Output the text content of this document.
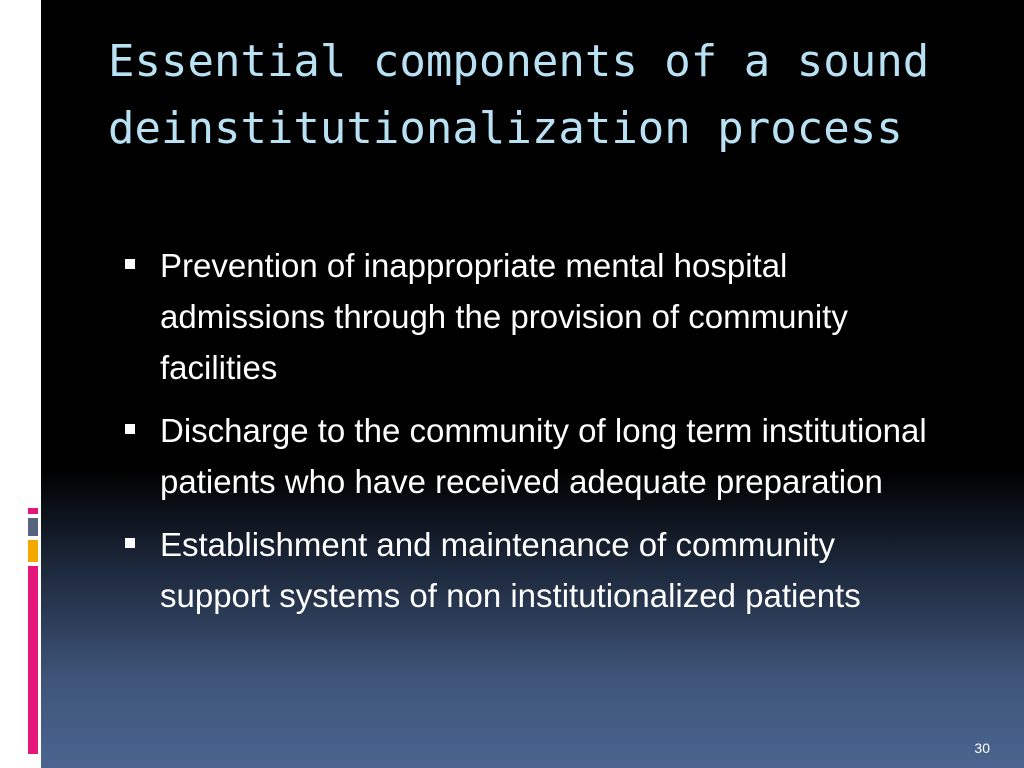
Essential components of a sound deinstitutionalization process
Prevention of inappropriate mental hospital admissions through the provision of community facilities
Discharge to the community of long term institutional patients who have received adequate preparation
Establishment and maintenance of community support systems of non institutionalized patients
30
